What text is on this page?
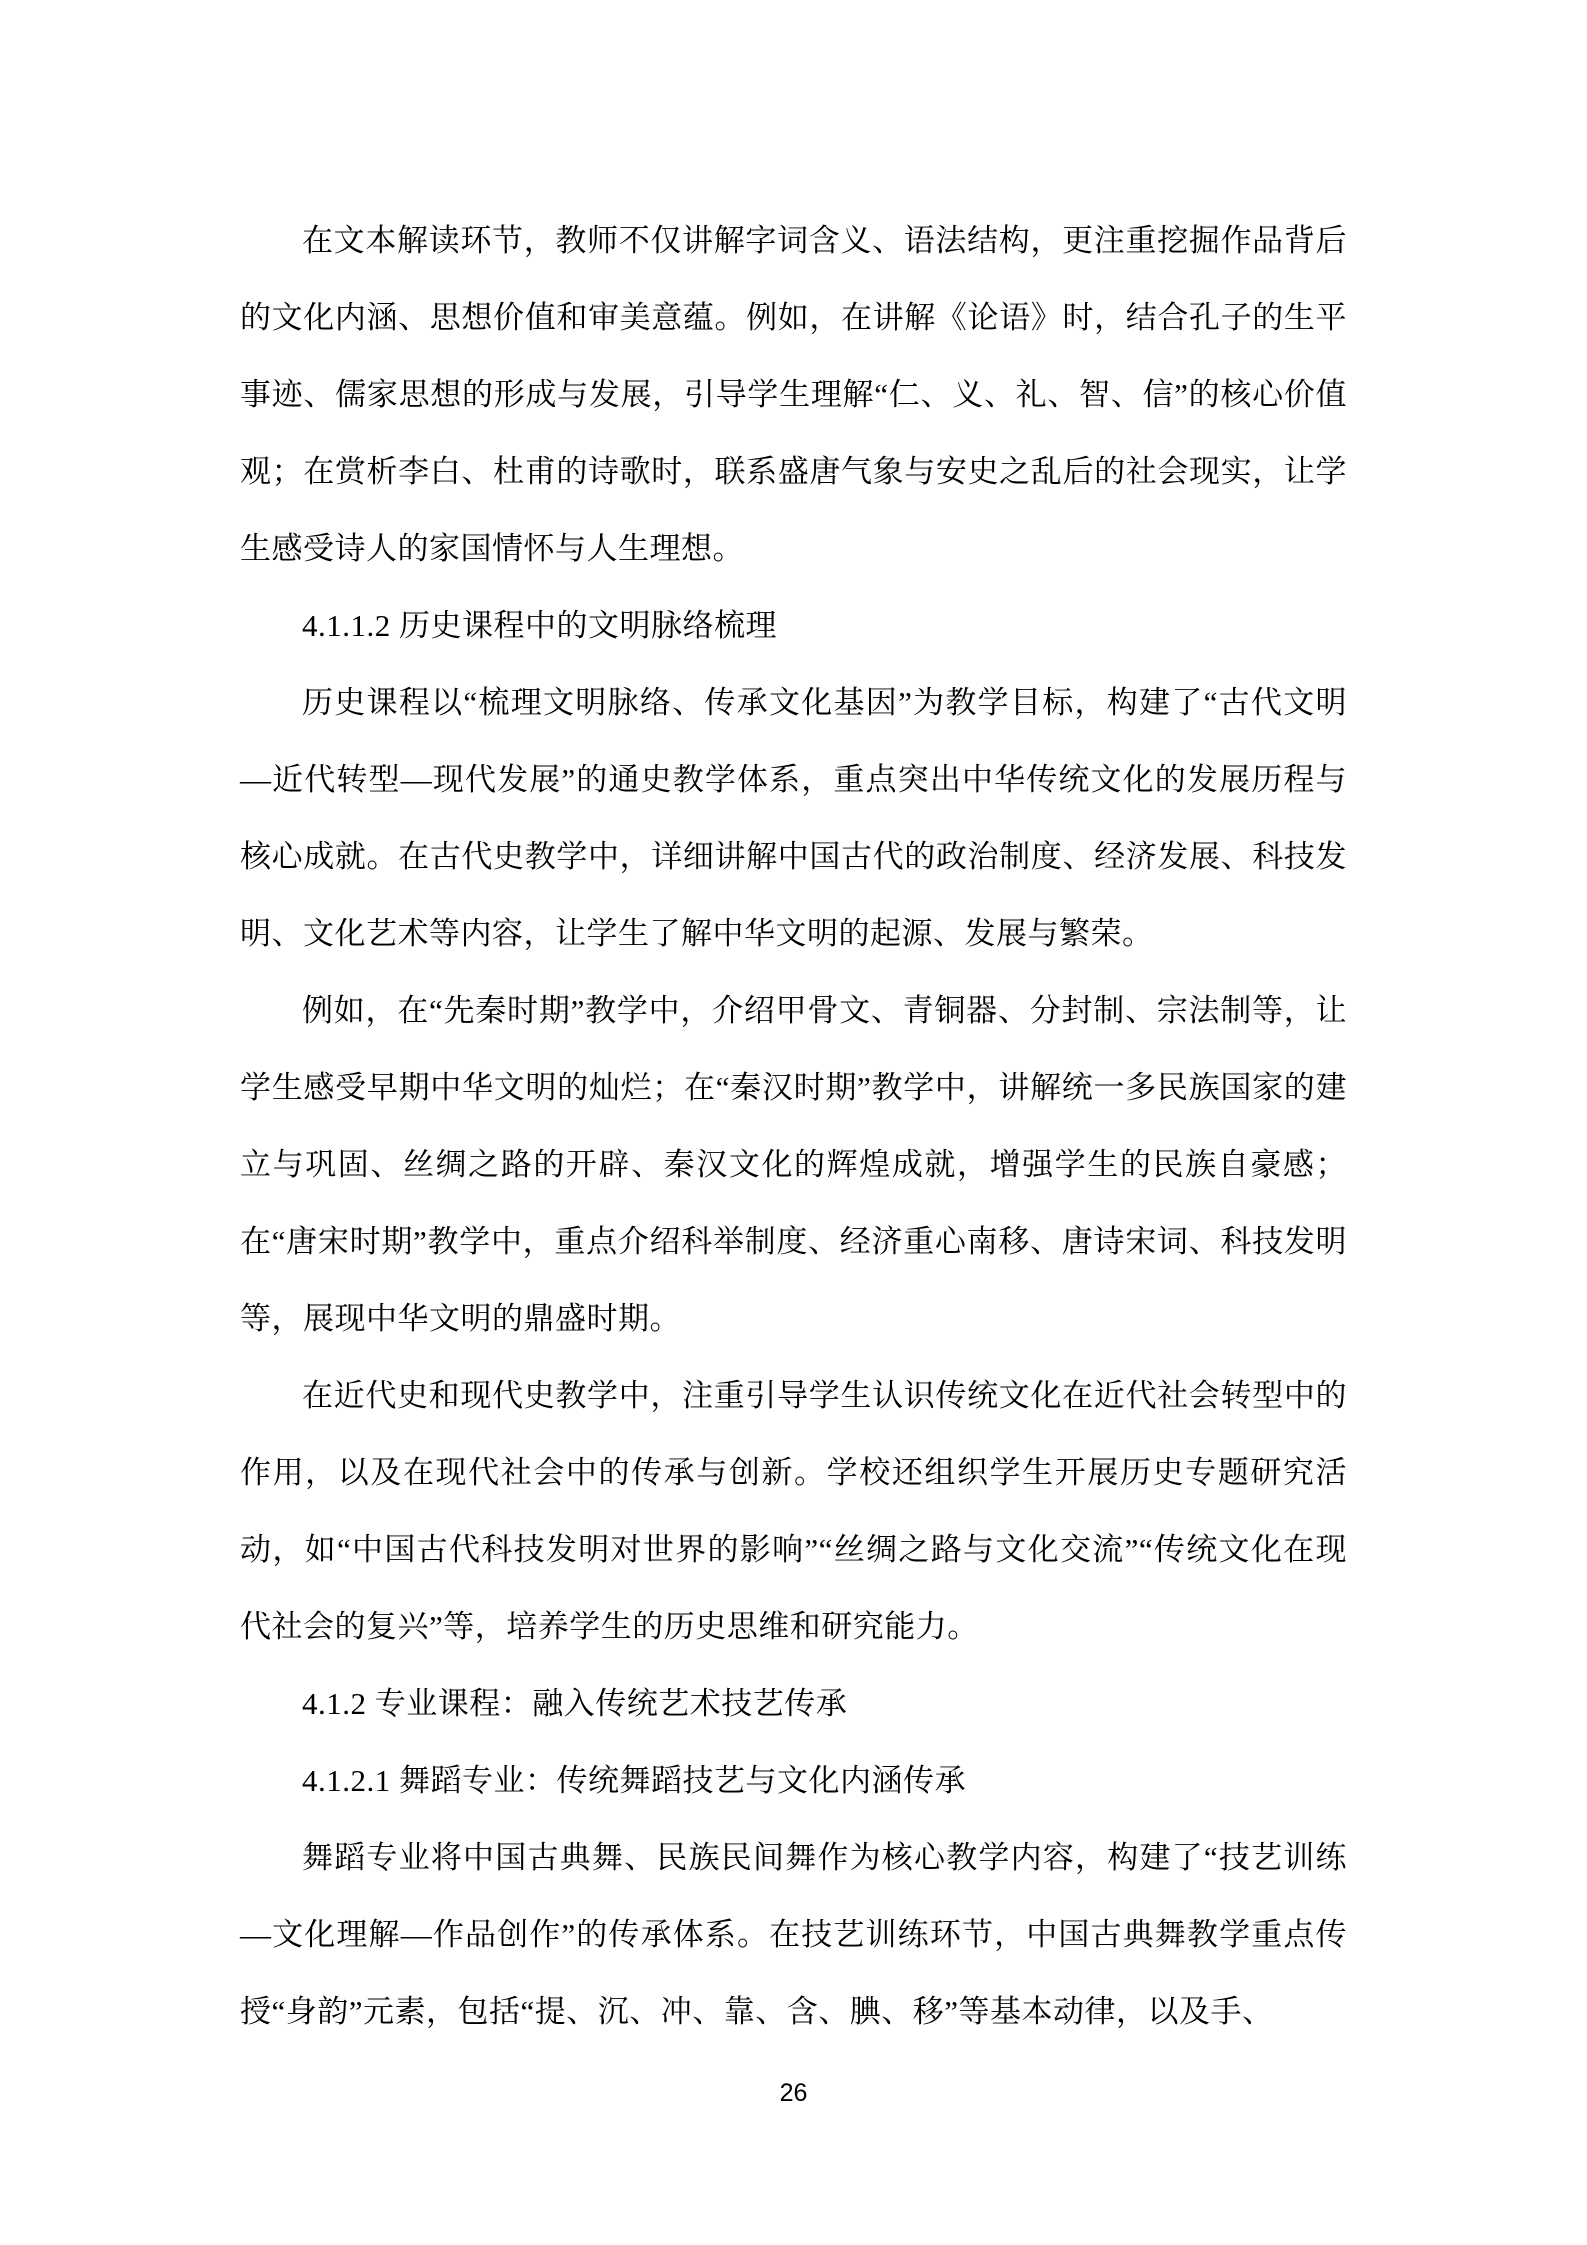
在文本解读环节，教师不仅讲解字词含义、语法结构，更注重挖掘作品背后的文化内涵、思想价值和审美意蕴。例如，在讲解《论语》时，结合孔子的生平事迹、儒家思想的形成与发展，引导学生理解“仁、义、礼、智、信”的核心价值观；在赏析李白、杜甫的诗歌时，联系盛唐气象与安史之乱后的社会现实，让学生感受诗人的家国情怀与人生理想。

4.1.1.2 历史课程中的文明脉络梳理

历史课程以“梳理文明脉络、传承文化基因”为教学目标，构建了“古代文明—近代转型—现代发展”的通史教学体系，重点突出中华传统文化的发展历程与核心成就。在古代史教学中，详细讲解中国古代的政治制度、经济发展、科技发明、文化艺术等内容，让学生了解中华文明的起源、发展与繁荣。

例如，在“先秦时期”教学中，介绍甲骨文、青铜器、分封制、宗法制等，让学生感受早期中华文明的灿烂；在“秦汉时期”教学中，讲解统一多民族国家的建立与巩固、丝绸之路的开辟、秦汉文化的辉煌成就，增强学生的民族自豪感；在“唐宋时期”教学中，重点介绍科举制度、经济重心南移、唐诗宋词、科技发明等，展现中华文明的鼎盛时期。

在近代史和现代史教学中，注重引导学生认识传统文化在近代社会转型中的作用，以及在现代社会中的传承与创新。学校还组织学生开展历史专题研究活动，如“中国古代科技发明对世界的影响”“丝绸之路与文化交流”“传统文化在现代社会的复兴”等，培养学生的历史思维和研究能力。

4.1.2 专业课程：融入传统艺术技艺传承

4.1.2.1 舞蹈专业：传统舞蹈技艺与文化内涵传承

舞蹈专业将中国古典舞、民族民间舞作为核心教学内容，构建了“技艺训练—文化理解—作品创作”的传承体系。在技艺训练环节，中国古典舞教学重点传授“身韵”元素，包括“提、沉、冲、靠、含、腆、移”等基本动律，以及手、

26
